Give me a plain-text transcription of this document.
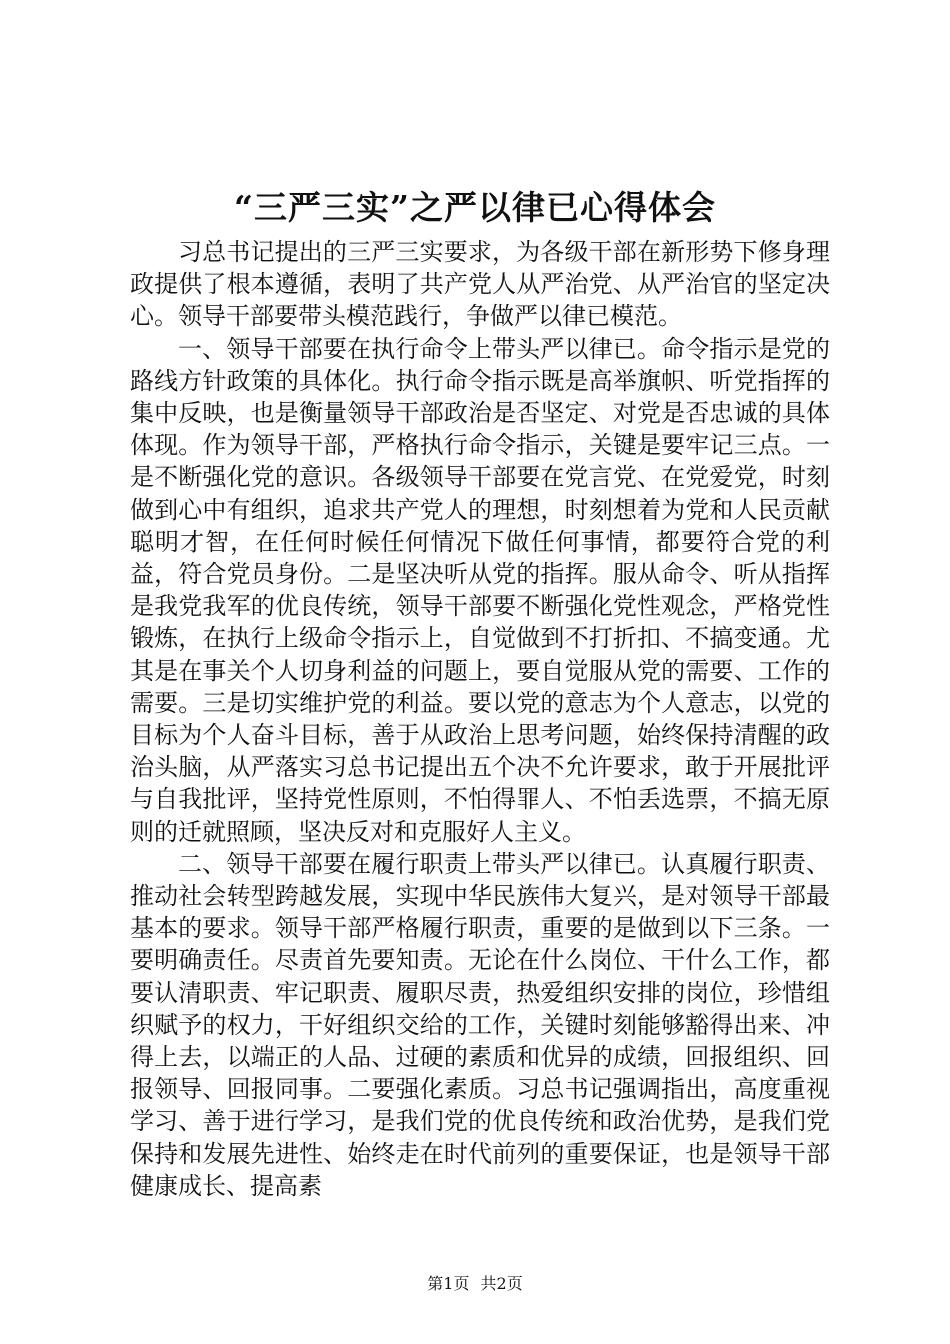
“三严三实”之严以律已心得体会

习总书记提出的三严三实要求，为各级干部在新形势下修身理政提供了根本遵循，表明了共产党人从严治党、从严治官的坚定决心。领导干部要带头模范践行，争做严以律已模范。

一、领导干部要在执行命令上带头严以律已。命令指示是党的路线方针政策的具体化。执行命令指示既是高举旗帜、听党指挥的集中反映，也是衡量领导干部政治是否坚定、对党是否忠诚的具体体现。作为领导干部，严格执行命令指示，关键是要牢记三点。一是不断强化党的意识。各级领导干部要在党言党、在党爱党，时刻做到心中有组织，追求共产党人的理想，时刻想着为党和人民贡献聪明才智，在任何时候任何情况下做任何事情，都要符合党的利益，符合党员身份。二是坚决听从党的指挥。服从命令、听从指挥是我党我军的优良传统，领导干部要不断强化党性观念，严格党性锻炼，在执行上级命令指示上，自觉做到不打折扣、不搞变通。尤其是在事关个人切身利益的问题上，要自觉服从党的需要、工作的需要。三是切实维护党的利益。要以党的意志为个人意志，以党的目标为个人奋斗目标，善于从政治上思考问题，始终保持清醒的政治头脑，从严落实习总书记提出五个决不允许要求，敢于开展批评与自我批评，坚持党性原则，不怕得罪人、不怕丢选票，不搞无原则的迁就照顾，坚决反对和克服好人主义。

二、领导干部要在履行职责上带头严以律已。认真履行职责、推动社会转型跨越发展，实现中华民族伟大复兴，是对领导干部最基本的要求。领导干部严格履行职责，重要的是做到以下三条。一要明确责任。尽责首先要知责。无论在什么岗位、干什么工作，都要认清职责、牢记职责、履职尽责，热爱组织安排的岗位，珍惜组织赋予的权力，干好组织交给的工作，关键时刻能够豁得出来、冲得上去，以端正的人品、过硬的素质和优异的成绩，回报组织、回报领导、回报同事。二要强化素质。习总书记强调指出，高度重视学习、善于进行学习，是我们党的优良传统和政治优势，是我们党保持和发展先进性、始终走在时代前列的重要保证，也是领导干部健康成长、提高素

第1页 共2页
